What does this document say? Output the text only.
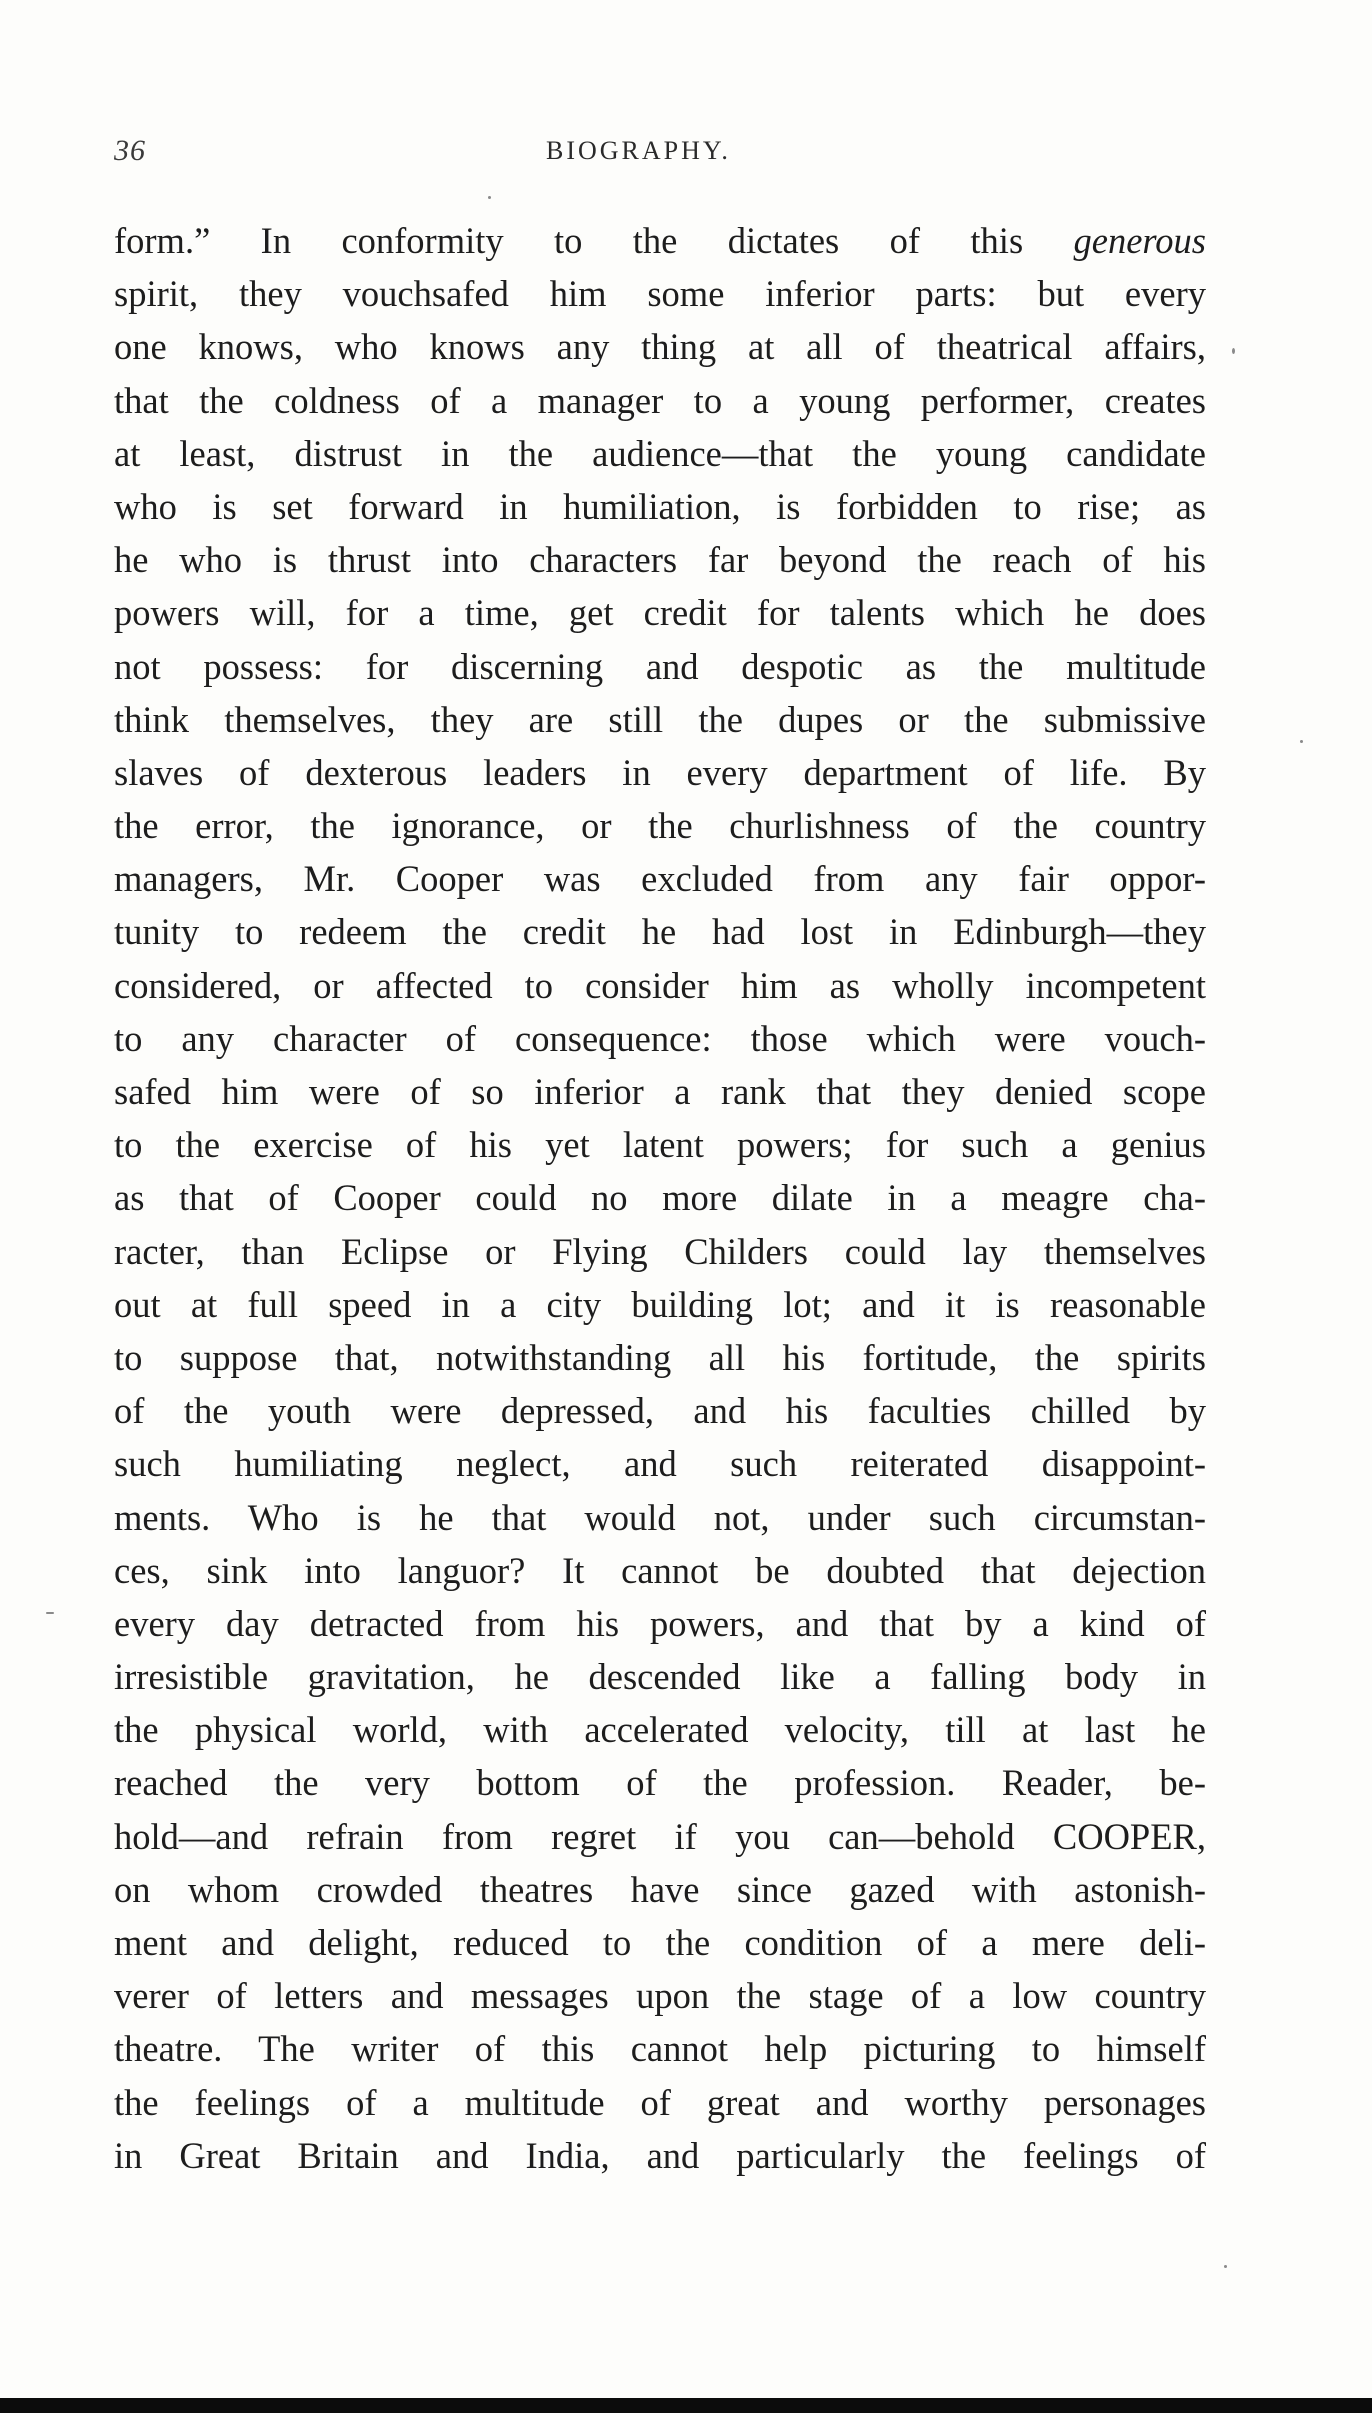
36	BIOGRAPHY.
form.” In conformity to the dictates of this generous
spirit, they vouchsafed him some inferior parts: but every
one knows, who knows any thing at all of theatrical affairs,
that the coldness of a manager to a young performer, creates
at least, distrust in the audience—that the young candidate
who is set forward in humiliation, is forbidden to rise; as
he who is thrust into characters far beyond the reach of his
powers will, for a time, get credit for talents which he does
not possess: for discerning and despotic as the multitude
think themselves, they are still the dupes or the submissive
slaves of dexterous leaders in every department of life. By
the error, the ignorance, or the churlishness of the country
managers, Mr. Cooper was excluded from any fair oppor-
tunity to redeem the credit he had lost in Edinburgh—they
considered, or affected to consider him as wholly incompetent
to any character of consequence: those which were vouch-
safed him were of so inferior a rank that they denied scope
to the exercise of his yet latent powers; for such a genius
as that of Cooper could no more dilate in a meagre cha-
racter, than Eclipse or Flying Childers could lay themselves
out at full speed in a city building lot; and it is reasonable
to suppose that, notwithstanding all his fortitude, the spirits
of the youth were depressed, and his faculties chilled by
such humiliating neglect, and such reiterated disappoint-
ments. Who is he that would not, under such circumstan-
ces, sink into languor? It cannot be doubted that dejection
every day detracted from his powers, and that by a kind of
irresistible gravitation, he descended like a falling body in
the physical world, with accelerated velocity, till at last he
reached the very bottom of the profession. Reader, be-
hold—and refrain from regret if you can—behold COOPER,
on whom crowded theatres have since gazed with astonish-
ment and delight, reduced to the condition of a mere deli-
verer of letters and messages upon the stage of a low country
theatre. The writer of this cannot help picturing to himself
the feelings of a multitude of great and worthy personages
in Great Britain and India, and particularly the feelings of
